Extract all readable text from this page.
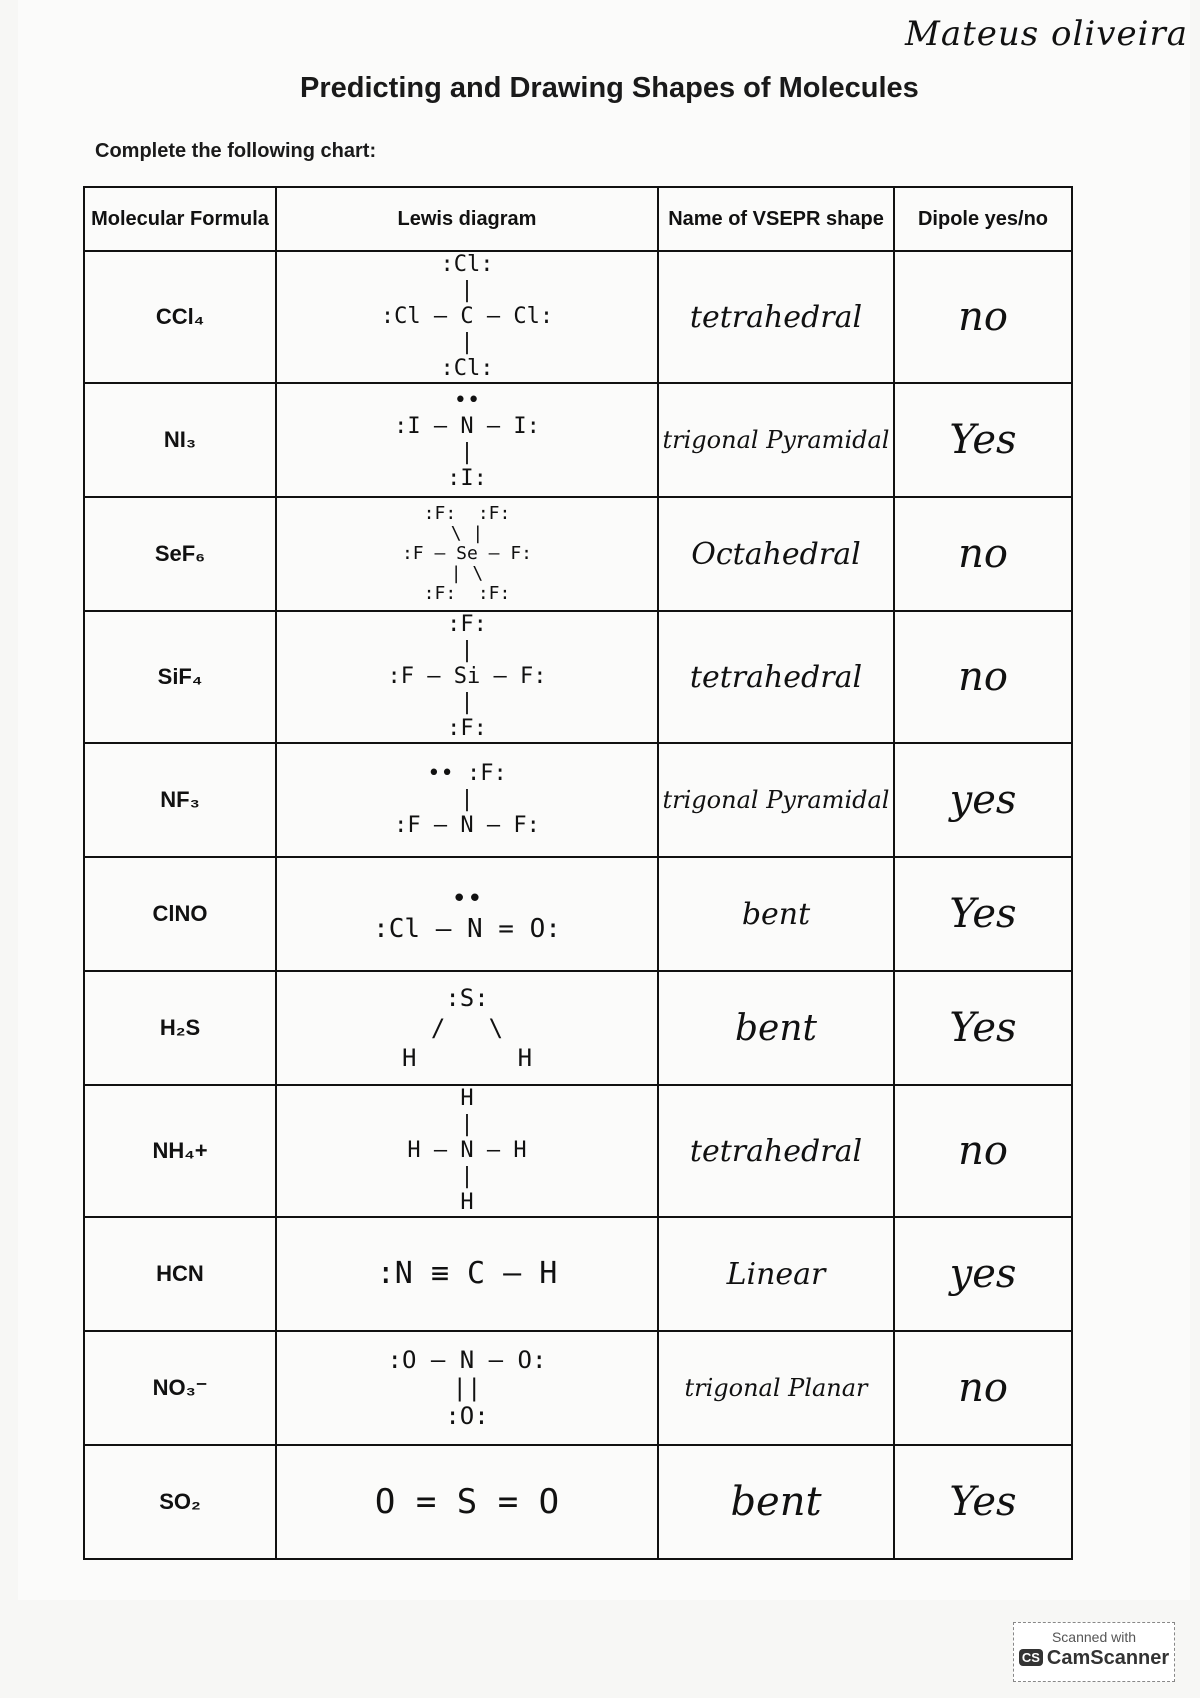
Mateus oliveira
Predicting and Drawing Shapes of Molecules
Complete the following chart:
Molecular Formula	Lewis diagram	Name of VSEPR shape	Dipole yes/no
CCl₄	:Cl:
|
:Cl — C — Cl:
|
:Cl:	tetrahedral	no
NI₃	••
:I — N — I:
|
:I:	trigonal Pyramidal	Yes
SeF₆	:F:  :F:
\ |
:F — Se — F:
| \
:F:  :F:	Octahedral	no
SiF₄	:F:
|
:F — Si — F:
|
:F:	tetrahedral	no
NF₃	•• :F:
|
:F — N — F:	trigonal Pyramidal	yes
ClNO	••
:Cl — N = O:	bent	Yes
H₂S	:S:
/   \
H       H	bent	Yes
NH₄+	H
|
H — N — H
|
H	tetrahedral	no
HCN	:N ≡ C — H	Linear	yes
NO₃⁻	:O — N — O:
||
:O:	trigonal Planar	no
SO₂	O = S = O	bent	Yes
Scanned with
CS CamScanner
